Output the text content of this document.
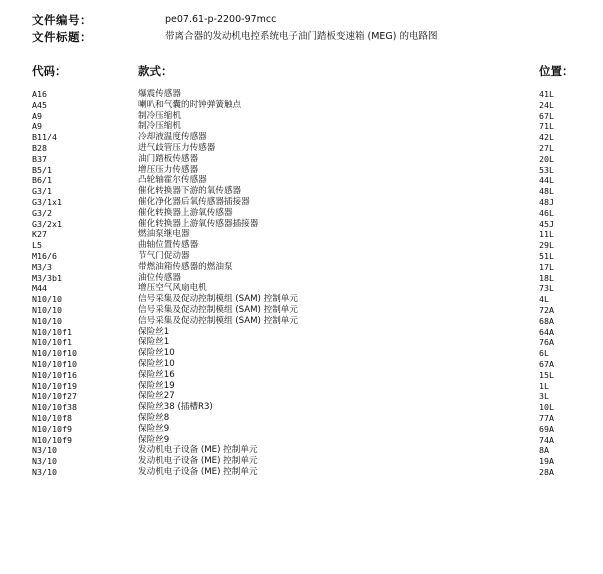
文件编号：	pe07.61-p-2200-97mcc
文件标题：	带离合器的发动机电控系统电子油门踏板变速箱 (MEG) 的电路图
代码：	款式：	位置：
A16	爆震传感器	41L
A45	喇叭和气囊的时钟弹簧触点	24L
A9	制冷压缩机	67L
A9	制冷压缩机	71L
B11/4	冷却液温度传感器	42L
B28	进气歧管压力传感器	27L
B37	油门踏板传感器	20L
B5/1	增压压力传感器	53L
B6/1	凸轮轴霍尔传感器	44L
G3/1	催化转换器下游的氧传感器	48L
G3/1x1	催化净化器后氧传感器插接器	48J
G3/2	催化转换器上游氧传感器	46L
G3/2x1	催化转换器上游氧传感器插接器	45J
K27	燃油泵继电器	11L
L5	曲轴位置传感器	29L
M16/6	节气门促动器	51L
M3/3	带燃油箱传感器的燃油泵	17L
M3/3b1	油位传感器	18L
M44	增压空气风扇电机	73L
N10/10	信号采集及促动控制模组 (SAM) 控制单元	4L
N10/10	信号采集及促动控制模组 (SAM) 控制单元	72A
N10/10	信号采集及促动控制模组 (SAM) 控制单元	68A
N10/10f1	保险丝1	64A
N10/10f1	保险丝1	76A
N10/10f10	保险丝10	6L
N10/10f10	保险丝10	67A
N10/10f16	保险丝16	15L
N10/10f19	保险丝19	1L
N10/10f27	保险丝27	3L
N10/10f38	保险丝38 (插槽R3)	10L
N10/10f8	保险丝8	77A
N10/10f9	保险丝9	69A
N10/10f9	保险丝9	74A
N3/10	发动机电子设备 (ME) 控制单元	8A
N3/10	发动机电子设备 (ME) 控制单元	19A
N3/10	发动机电子设备 (ME) 控制单元	28A
